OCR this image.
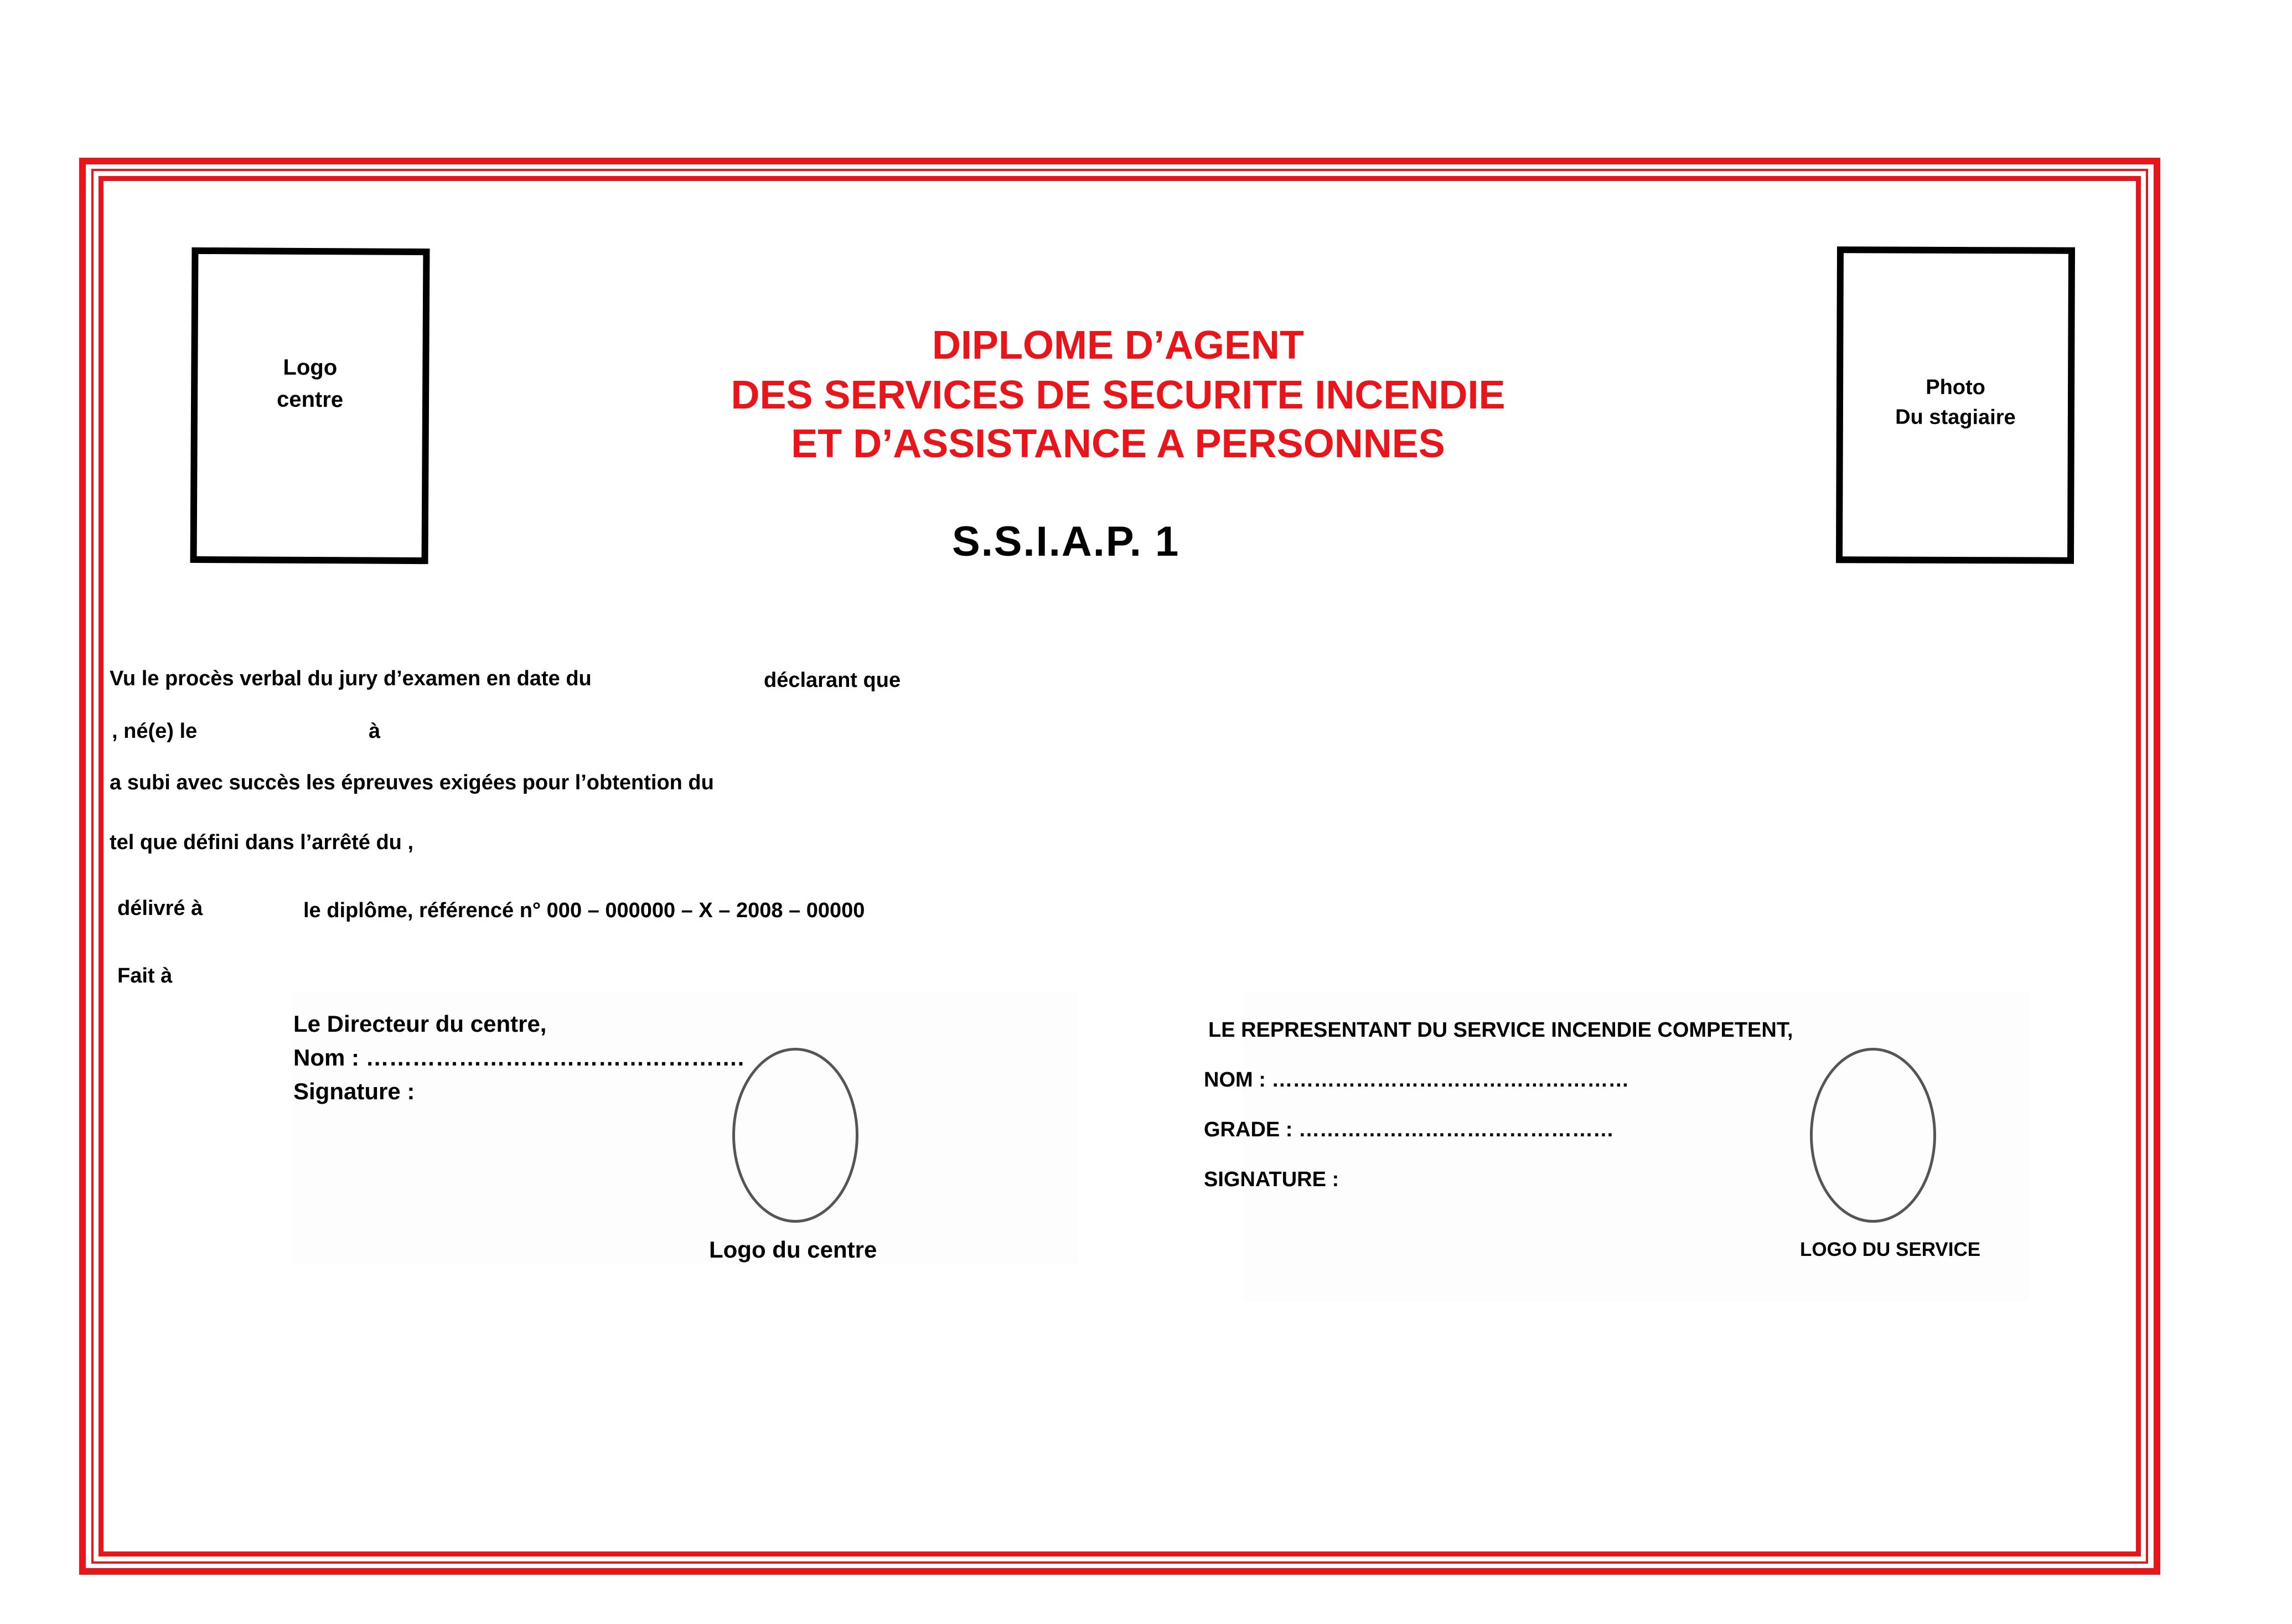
Logo
centre	Photo
Du stagiaire
DIPLOME D’AGENT
DES SERVICES DE SECURITE INCENDIE
ET D’ASSISTANCE A PERSONNES
S.S.I.A.P. 1
Vu le procès verbal du jury d’examen en date du	déclarant que
, né(e) le	à
a subi avec succès les épreuves exigées pour l’obtention du
tel que défini dans l’arrêté du ,
délivré à	le diplôme, référencé n° 000 – 000000 – X – 2008 – 00000
Fait à
Le Directeur du centre,
Nom : ………………………………………….
Signature :
Logo du centre
LE REPRESENTANT DU SERVICE INCENDIE COMPETENT,
NOM : ……………………………………………
GRADE : ………………………………………
SIGNATURE :
LOGO DU SERVICE
